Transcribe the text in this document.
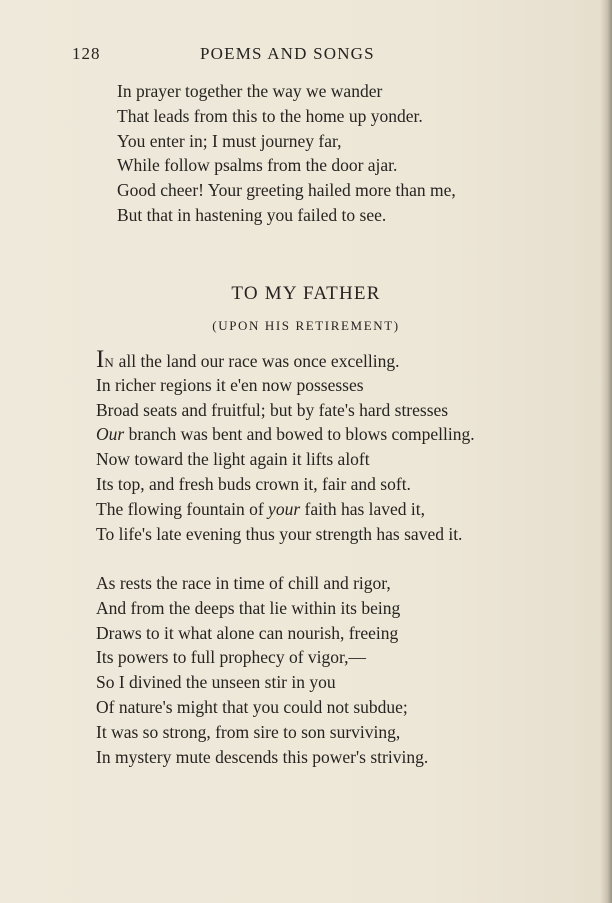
128	POEMS AND SONGS
In prayer together the way we wander
That leads from this to the home up yonder.
You enter in; I must journey far,
While follow psalms from the door ajar.
Good cheer! Your greeting hailed more than me,
But that in hastening you failed to see.
TO MY FATHER
(UPON HIS RETIREMENT)
IN all the land our race was once excelling.
In richer regions it e'en now possesses
Broad seats and fruitful; but by fate's hard stresses
Our branch was bent and bowed to blows compelling.
Now toward the light again it lifts aloft
Its top, and fresh buds crown it, fair and soft.
The flowing fountain of your faith has laved it,
To life's late evening thus your strength has saved it.
As rests the race in time of chill and rigor,
And from the deeps that lie within its being
Draws to it what alone can nourish, freeing
Its powers to full prophecy of vigor,—
So I divined the unseen stir in you
Of nature's might that you could not subdue;
It was so strong, from sire to son surviving,
In mystery mute descends this power's striving.
